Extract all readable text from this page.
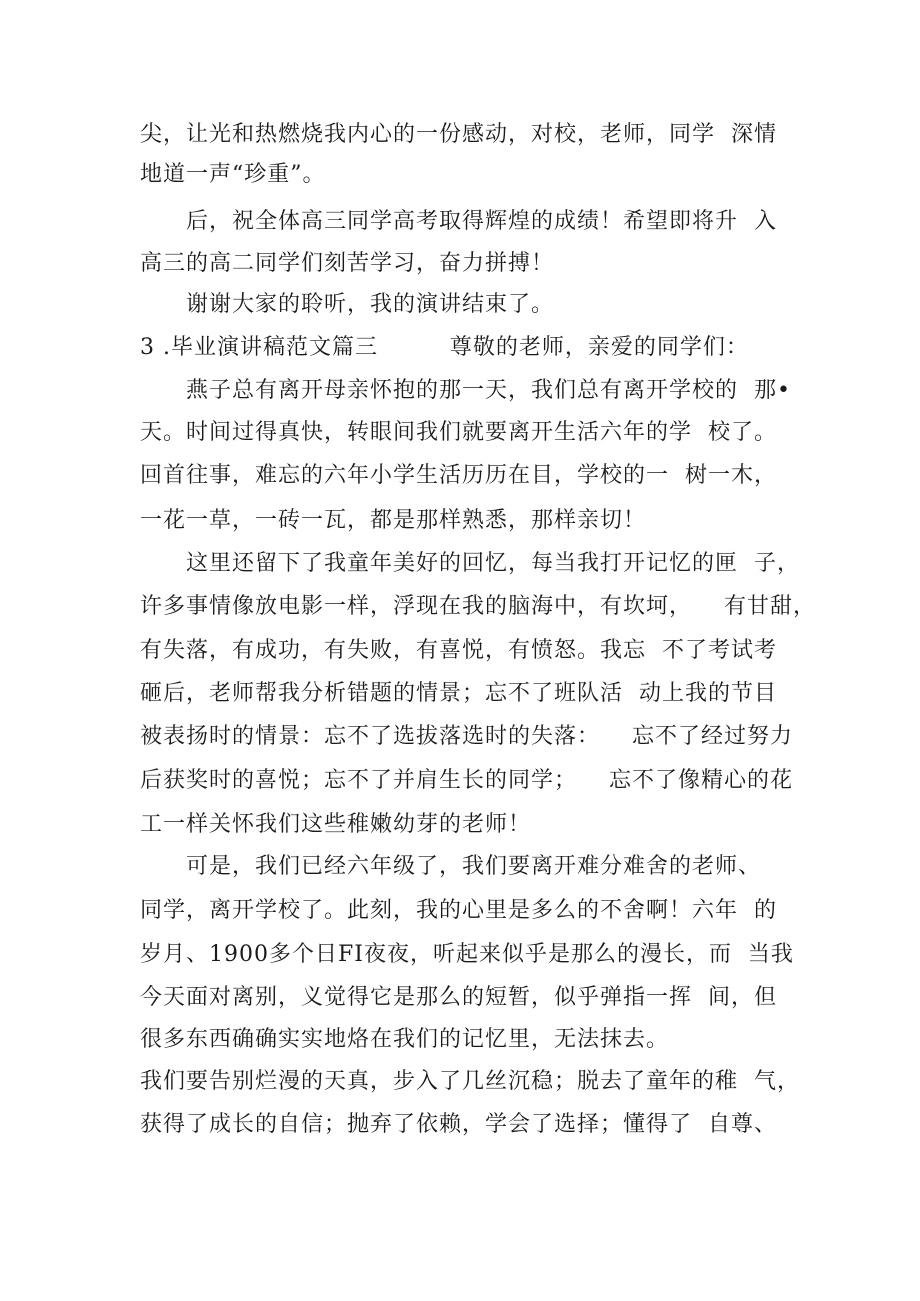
尖，让光和热燃烧我内心的一份感动，对校，老师，同学  深情
地道一声“珍重”。
后，祝全体高三同学高考取得辉煌的成绩！希望即将升  入
高三的高二同学们刻苦学习，奋力拼搏！
谢谢大家的聆听，我的演讲结束了。
3 .毕业演讲稿范文篇三         尊敬的老师，亲爱的同学们：
燕子总有离开母亲怀抱的那一天，我们总有离开学校的  那•
天。时间过得真快，转眼间我们就要离开生活六年的学  校了。
回首往事，难忘的六年小学生活历历在目，学校的一  树一木，
一花一草，一砖一瓦，都是那样熟悉，那样亲切！
这里还留下了我童年美好的回忆，每当我打开记忆的匣  子，
许多事情像放电影一样，浮现在我的脑海中，有坎坷，    有甘甜，
有失落，有成功，有失败，有喜悦，有愤怒。我忘  不了考试考
砸后，老师帮我分析错题的情景；忘不了班队活  动上我的节目
被表扬时的情景：忘不了选拔落选时的失落：    忘不了经过努力
后获奖时的喜悦；忘不了并肩生长的同学；    忘不了像精心的花
工一样关怀我们这些稚嫩幼芽的老师！
可是，我们已经六年级了，我们要离开难分难舍的老师、
同学，离开学校了。此刻，我的心里是多么的不舍啊！六年  的
岁月、1900多个日FI夜夜，听起来似乎是那么的漫长，而  当我
今天面对离别，义觉得它是那么的短暂，似乎弹指一挥  间，但
很多东西确确实实地烙在我们的记忆里，无法抹去。
我们要告别烂漫的天真，步入了几丝沉稳；脱去了童年的稚  气，
获得了成长的自信；抛弃了依赖，学会了选择；懂得了  自尊、
